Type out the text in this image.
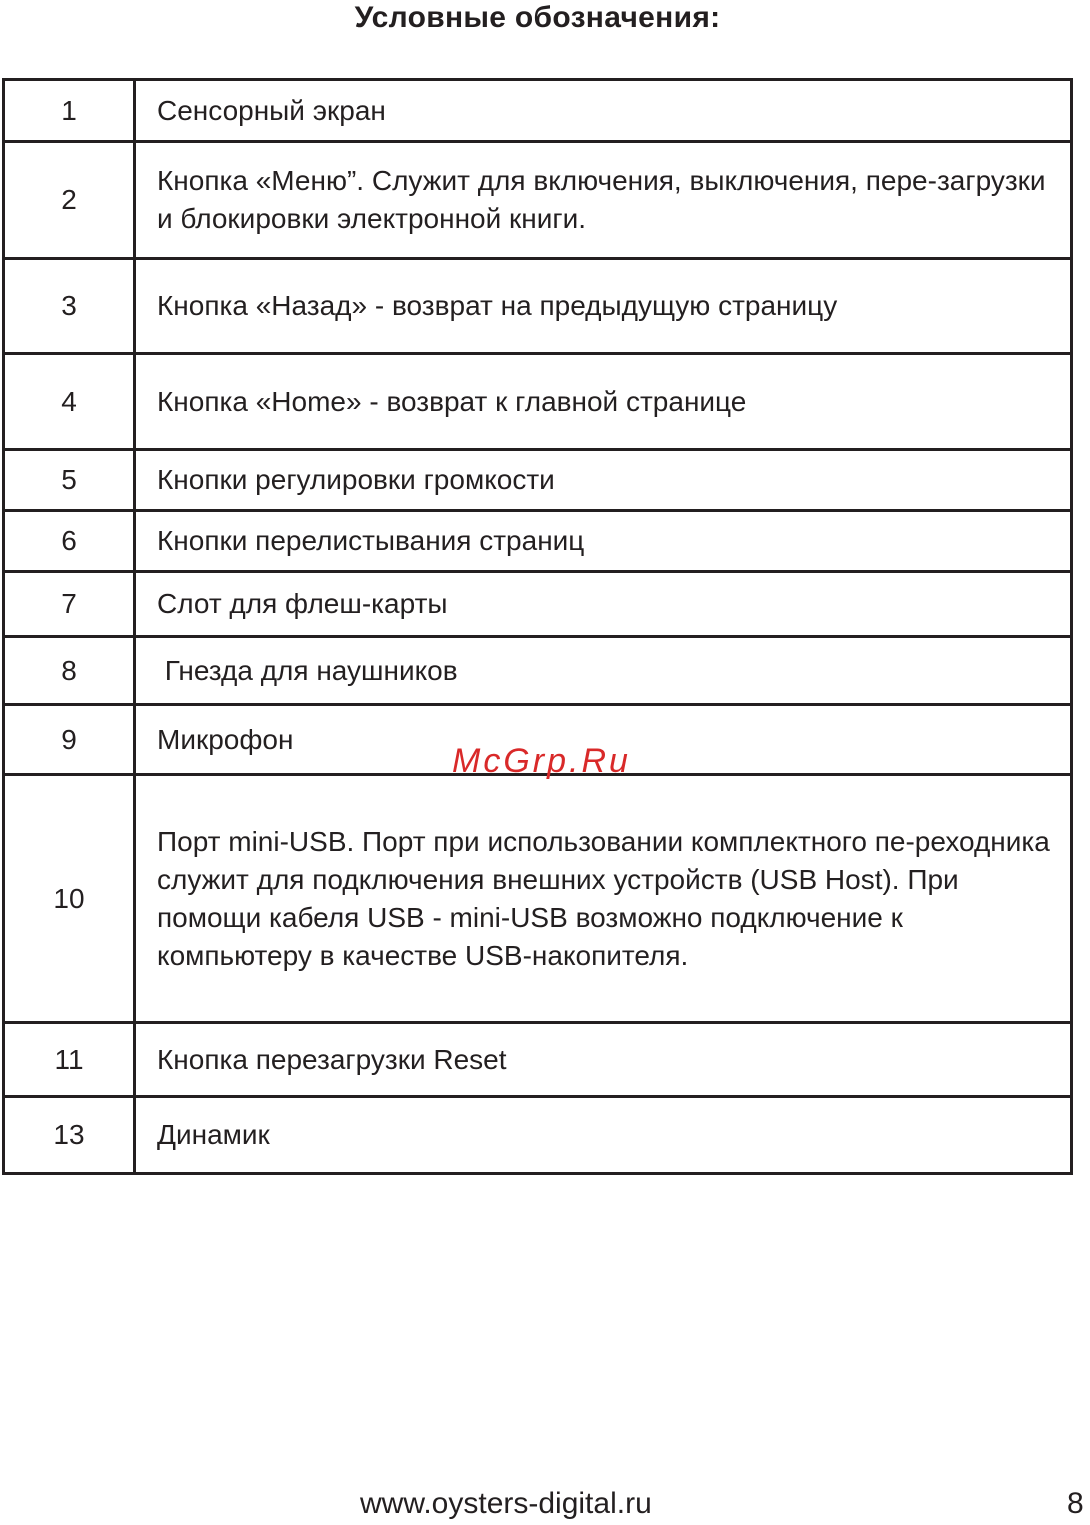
Условные обозначения:
1	Сенсорный экран
2	Кнопка «Меню”. Служит для включения, выключения, пере-загрузки и блокировки электронной книги.

3	Кнопка «Назад» - возврат на предыдущую страницу
4	Кнопка «Home» - возврат к главной странице
5	Кнопки регулировки громкости
6	Кнопки перелистывания страниц
7	Слот для флеш-карты
8	Гнезда для наушников
9	Микрофон
10	Порт mini-USB. Порт при использовании комплектного пе-реходника служит для подключения внешних устройств (USB Host). При помощи кабеля USB - mini-USB возможно подключение к компьютеру в качестве USB-накопителя.

11	Кнопка перезагрузки Reset
13	Динамик
McGrp.Ru
www.oysters-digital.ru	8
